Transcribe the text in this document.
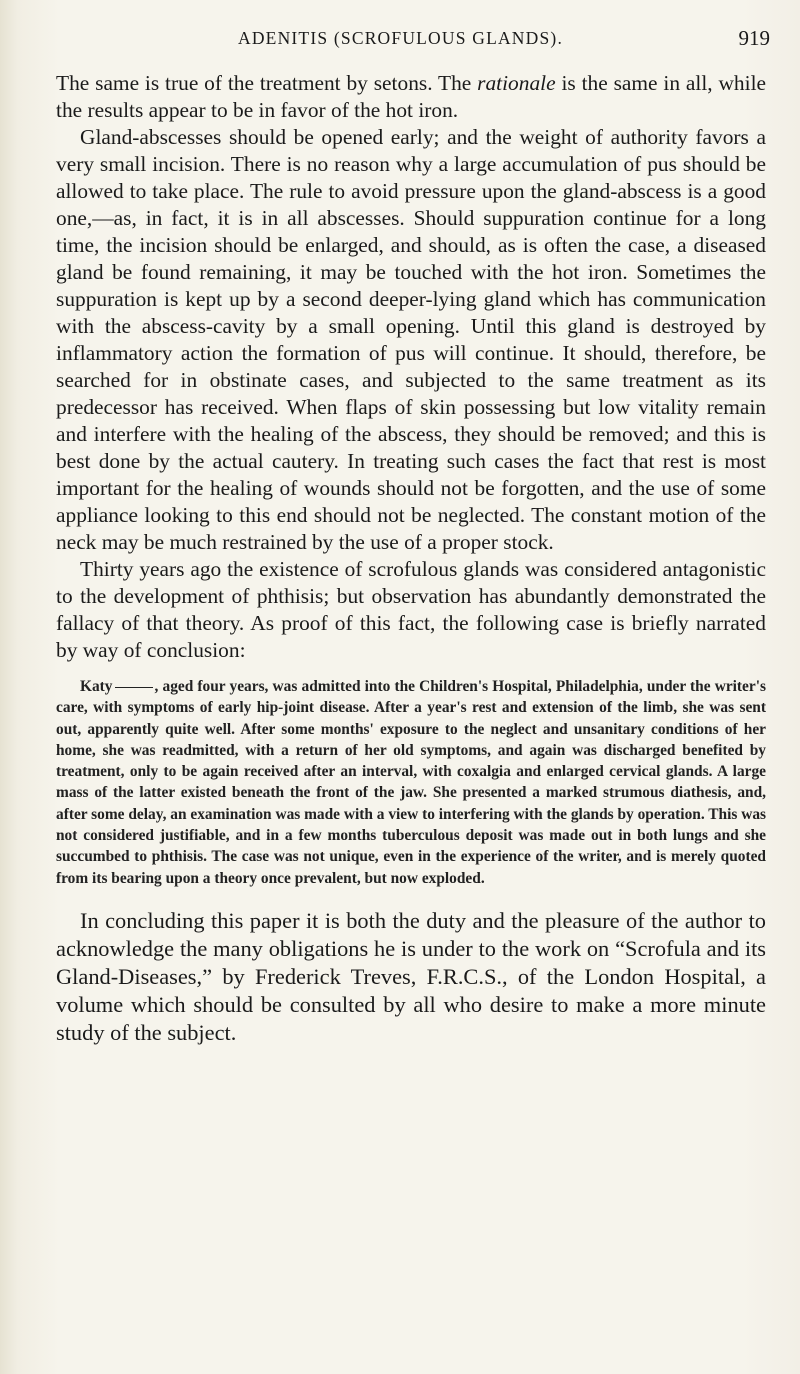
ADENITIS (SCROFULOUS GLANDS).	919

The same is true of the treatment by setons. The rationale is the same in all, while the results appear to be in favor of the hot iron.

Gland-abscesses should be opened early; and the weight of authority favors a very small incision. There is no reason why a large accumulation of pus should be allowed to take place. The rule to avoid pressure upon the gland-abscess is a good one,—as, in fact, it is in all abscesses. Should suppuration continue for a long time, the incision should be enlarged, and should, as is often the case, a diseased gland be found remaining, it may be touched with the hot iron. Sometimes the suppuration is kept up by a second deeper-lying gland which has communication with the abscess-cavity by a small opening. Until this gland is destroyed by inflammatory action the formation of pus will continue. It should, therefore, be searched for in obstinate cases, and subjected to the same treatment as its predecessor has received. When flaps of skin possessing but low vitality remain and interfere with the healing of the abscess, they should be removed; and this is best done by the actual cautery. In treating such cases the fact that rest is most important for the healing of wounds should not be forgotten, and the use of some appliance looking to this end should not be neglected. The constant motion of the neck may be much restrained by the use of a proper stock.

Thirty years ago the existence of scrofulous glands was considered antagonistic to the development of phthisis; but observation has abundantly demonstrated the fallacy of that theory. As proof of this fact, the following case is briefly narrated by way of conclusion:

Katy	, aged four years, was admitted into the Children's Hospital, Philadelphia, under the writer's care, with symptoms of early hip-joint disease. After a year's rest and extension of the limb, she was sent out, apparently quite well. After some months' exposure to the neglect and unsanitary conditions of her home, she was readmitted, with a return of her old symptoms, and again was discharged benefited by treatment, only to be again received after an interval, with coxalgia and enlarged cervical glands. A large mass of the latter existed beneath the front of the jaw. She presented a marked strumous diathesis, and, after some delay, an examination was made with a view to interfering with the glands by operation. This was not considered justifiable, and in a few months tuberculous deposit was made out in both lungs and she succumbed to phthisis. The case was not unique, even in the experience of the writer, and is merely quoted from its bearing upon a theory once prevalent, but now exploded.

In concluding this paper it is both the duty and the pleasure of the author to acknowledge the many obligations he is under to the work on “Scrofula and its Gland-Diseases,” by Frederick Treves, F.R.C.S., of the London Hospital, a volume which should be consulted by all who desire to make a more minute study of the subject.
